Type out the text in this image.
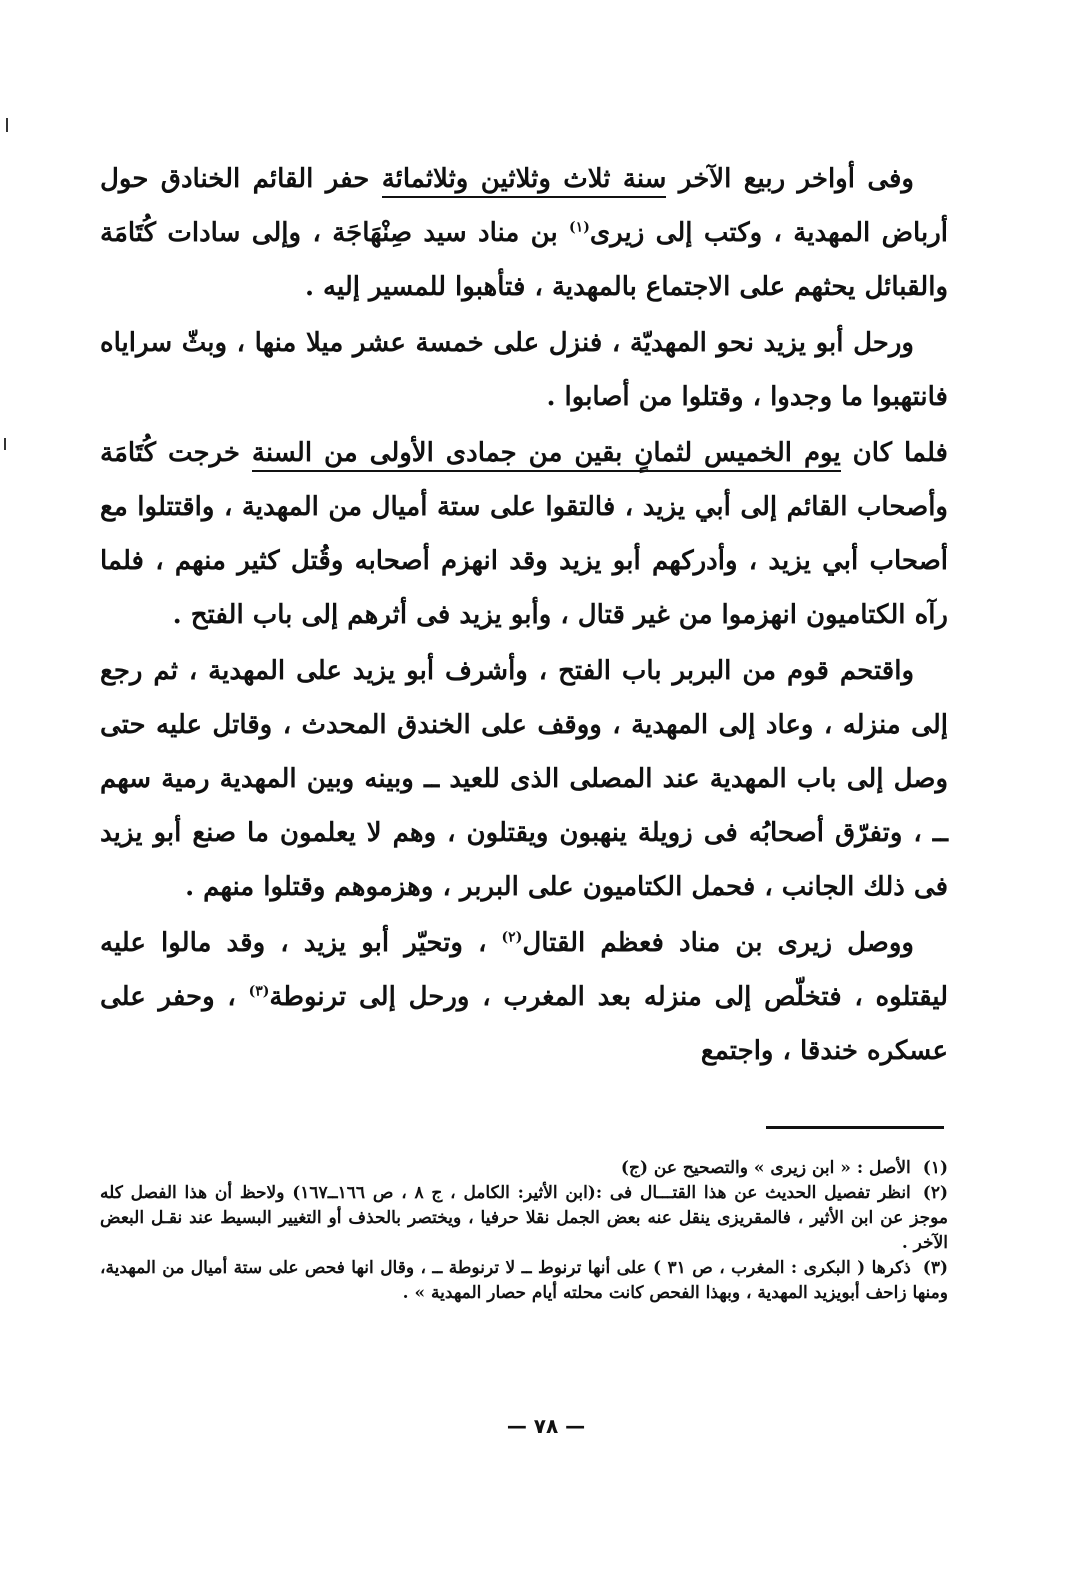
وفى أواخر ربيع الآخر سنة ثلاث وثلاثين وثلاثمائة حفر القائم الخنادق حول أرباض المهدية ، وكتب إلى زيرى$^{(١)}$ بن مناد سيد صِنْهَاجَة ، وإلى سادات كُتَامَة والقبائل يحثهم على الاجتماع بالمهدية ، فتأهبوا للمسير إليه .

ورحل أبو يزيد نحو المهديّة ، فنزل على خمسة عشر ميلا منها ، وبثّ سراياه فانتهبوا ما وجدوا ، وقتلوا من أصابوا .

فلما كان يوم الخميس لثمانٍ بقين من جمادى الأولى من السنة خرجت كُتَامَة وأصحاب القائم إلى أبي يزيد ، فالتقوا على ستة أميال من المهدية ، واقتتلوا مع أصحاب أبي يزيد ، وأدركهم أبو يزيد وقد انهزم أصحابه وقُتل كثير منهم ، فلما رآه الكتاميون انهزموا من غير قتال ، وأبو يزيد فى أثرهم إلى باب الفتح .

واقتحم قوم من البربر باب الفتح ، وأشرف أبو يزيد على المهدية ، ثم رجع إلى منزله ، وعاد إلى المهدية ، ووقف على الخندق المحدث ، وقاتل عليه حتى وصل إلى باب المهدية عند المصلى الذى للعيد ــ وبينه وبين المهدية رمية سهم ــ ، وتفرّق أصحابُه فى زويلة ينهبون ويقتلون ، وهم لا يعلمون ما صنع أبو يزيد فى ذلك الجانب ، فحمل الكتاميون على البربر ، وهزموهم وقتلوا منهم .

ووصل زيرى بن مناد فعظم القتال$^{(٢)}$ ، وتحيّر أبو يزيد ، وقد مالوا عليه ليقتلوه ، فتخلّص إلى منزله بعد المغرب ، ورحل إلى ترنوطة$^{(٣)}$ ، وحفر على عسكره خندقا ، واجتمع

(١)الأصل : « ابن زيرى » والتصحيح عن (ج)

(٢)انظر تفصيل الحديث عن هذا القتـــال فى :(ابن الأثير: الكامل ، ج ٨ ، ص ١٦٦ــ١٦٧) ولاحظ أن هذا الفصل كله موجز عن ابن الأثير ، فالمقريزى ينقل عنه بعض الجمل نقلا حرفيا ، ويختصر بالحذف أو التغيير البسيط عند نقـل البعض الآخر .

(٣)ذكرها ( البكرى : المغرب ، ص ٣١ ) على أنها ترنوط ــ لا ترنوطة ــ ، وقال انها فحص على ستة أميال من المهدية، ومنها زاحف أبويزيد المهدية ، وبهذا الفحص كانت محلته أيام حصار المهدية » .

— ٧٨ —
